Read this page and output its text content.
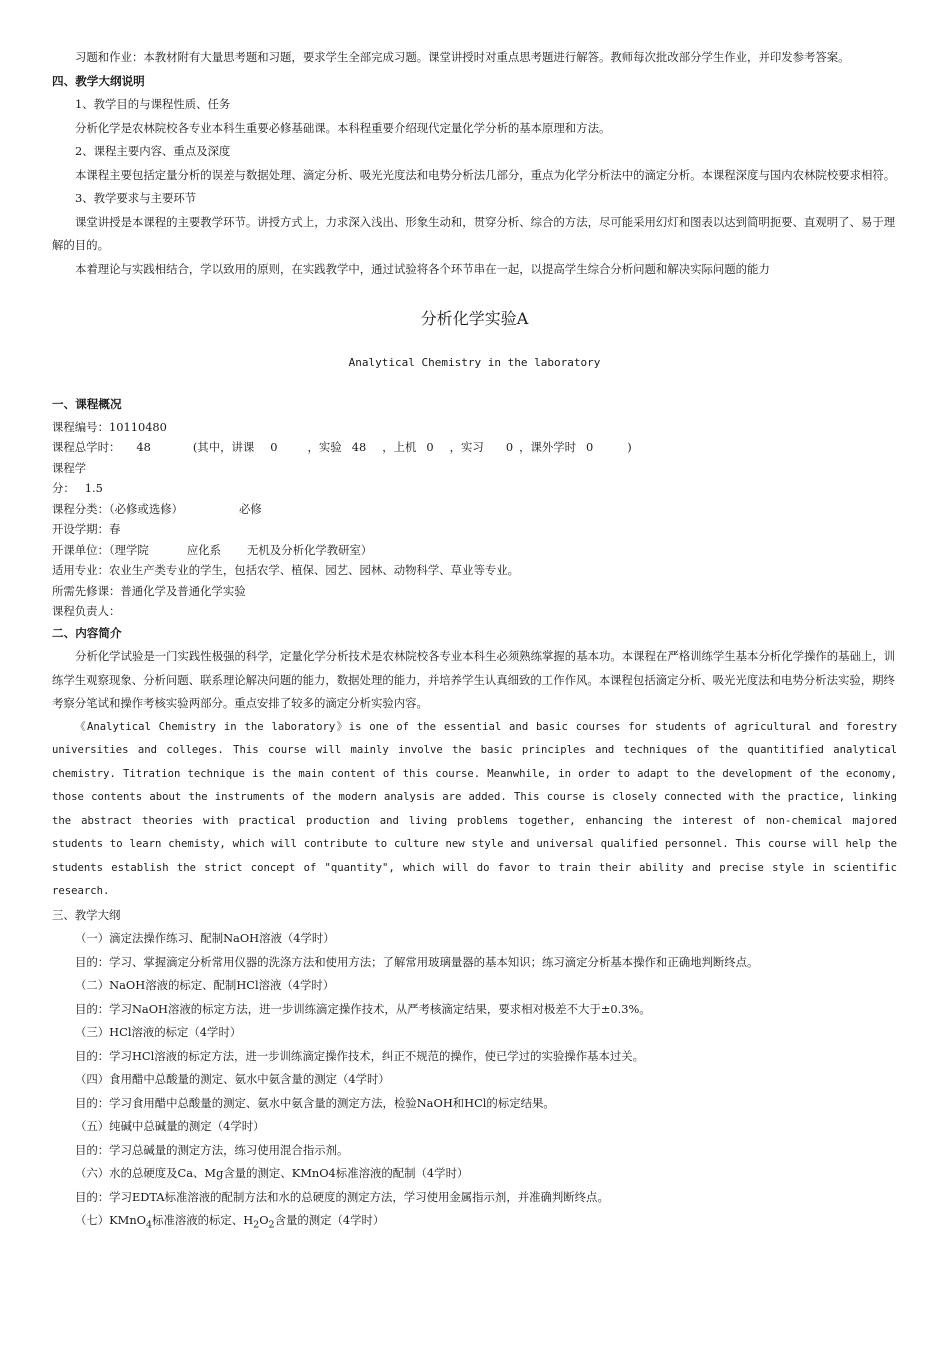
习题和作业：本教材附有大量思考题和习题，要求学生全部完成习题。课堂讲授时对重点思考题进行解答。教师每次批改部分学生作业，并印发参考答案。

四、教学大纲说明

1、教学目的与课程性质、任务

分析化学是农林院校各专业本科生重要必修基础课。本科程重要介绍现代定量化学分析的基本原理和方法。

2、课程主要内容、重点及深度

本课程主要包括定量分析的误差与数据处理、滴定分析、吸光光度法和电势分析法几部分，重点为化学分析法中的滴定分析。本课程深度与国内农林院校要求相符。

3、教学要求与主要环节

课堂讲授是本课程的主要教学环节。讲授方式上，力求深入浅出、形象生动和，贯穿分析、综合的方法，尽可能采用幻灯和图表以达到简明扼要、直观明了、易于理解的目的。

本着理论与实践相结合，学以致用的原则，在实践教学中，通过试验将各个环节串在一起，以提高学生综合分析问题和解决实际问题的能力

分析化学实验A

Analytical Chemistry in the laboratory

一、课程概况

课程编号：10110480

课程总学时： 48	(其中，讲课 0	，实验 48 ，上机 0 ，实习 0 ，课外学时 0	)

课程学

分： 1.5

课程分类：（必修或选修）	必修

开设学期：春

开课单位：（理学院	应化系 无机及分析化学教研室）

适用专业：农业生产类专业的学生，包括农学、植保、园艺、园林、动物科学、草业等专业。

所需先修课：普通化学及普通化学实验

课程负责人：

二、内容简介

分析化学试验是一门实践性极强的科学，定量化学分析技术是农林院校各专业本科生必须熟练掌握的基本功。本课程在严格训练学生基本分析化学操作的基础上，训练学生观察现象、分析问题、联系理论解决问题的能力，数据处理的能力，并培养学生认真细致的工作作风。本课程包括滴定分析、吸光光度法和电势分析法实验，期终考察分笔试和操作考核实验两部分。重点安排了较多的滴定分析实验内容。

《Analytical Chemistry in the laboratory》is one of the essential and basic courses for students of agricultural and forestry universities and colleges. This course will mainly involve the basic principles and techniques of the quantitified analytical chemistry. Titration technique is the main content of this course. Meanwhile, in order to adapt to the development of the economy, those contents about the instruments of the modern analysis are added. This course is closely connected with the practice, linking the abstract theories with practical production and living problems together, enhancing the interest of non-chemical majored students to learn chemisty, which will contribute to culture new style and universal qualified personnel. This course will help the students establish the strict concept of "quantity", which will do favor to train their ability and precise style in scientific research.

三、教学大纲

（一）滴定法操作练习、配制NaOH溶液（4学时）

目的：学习、掌握滴定分析常用仪器的洗涤方法和使用方法；了解常用玻璃量器的基本知识；练习滴定分析基本操作和正确地判断终点。

（二）NaOH溶液的标定、配制HCl溶液（4学时）

目的：学习NaOH溶液的标定方法，进一步训练滴定操作技术，从严考核滴定结果，要求相对极差不大于±0.3%。

（三）HCl溶液的标定（4学时）

目的：学习HCl溶液的标定方法，进一步训练滴定操作技术，纠正不规范的操作，使已学过的实验操作基本过关。

（四）食用醋中总酸量的测定、氨水中氨含量的测定（4学时）

目的：学习食用醋中总酸量的测定、氨水中氨含量的测定方法，检验NaOH和HCl的标定结果。

（五）纯碱中总碱量的测定（4学时）

目的：学习总碱量的测定方法，练习使用混合指示剂。

（六）水的总硬度及Ca、Mg含量的测定、KMnO4标准溶液的配制（4学时）

目的：学习EDTA标准溶液的配制方法和水的总硬度的测定方法，学习使用金属指示剂，并准确判断终点。

（七）KMnO$_4$标准溶液的标定、$H_2O_2$含量的测定（4学时）
